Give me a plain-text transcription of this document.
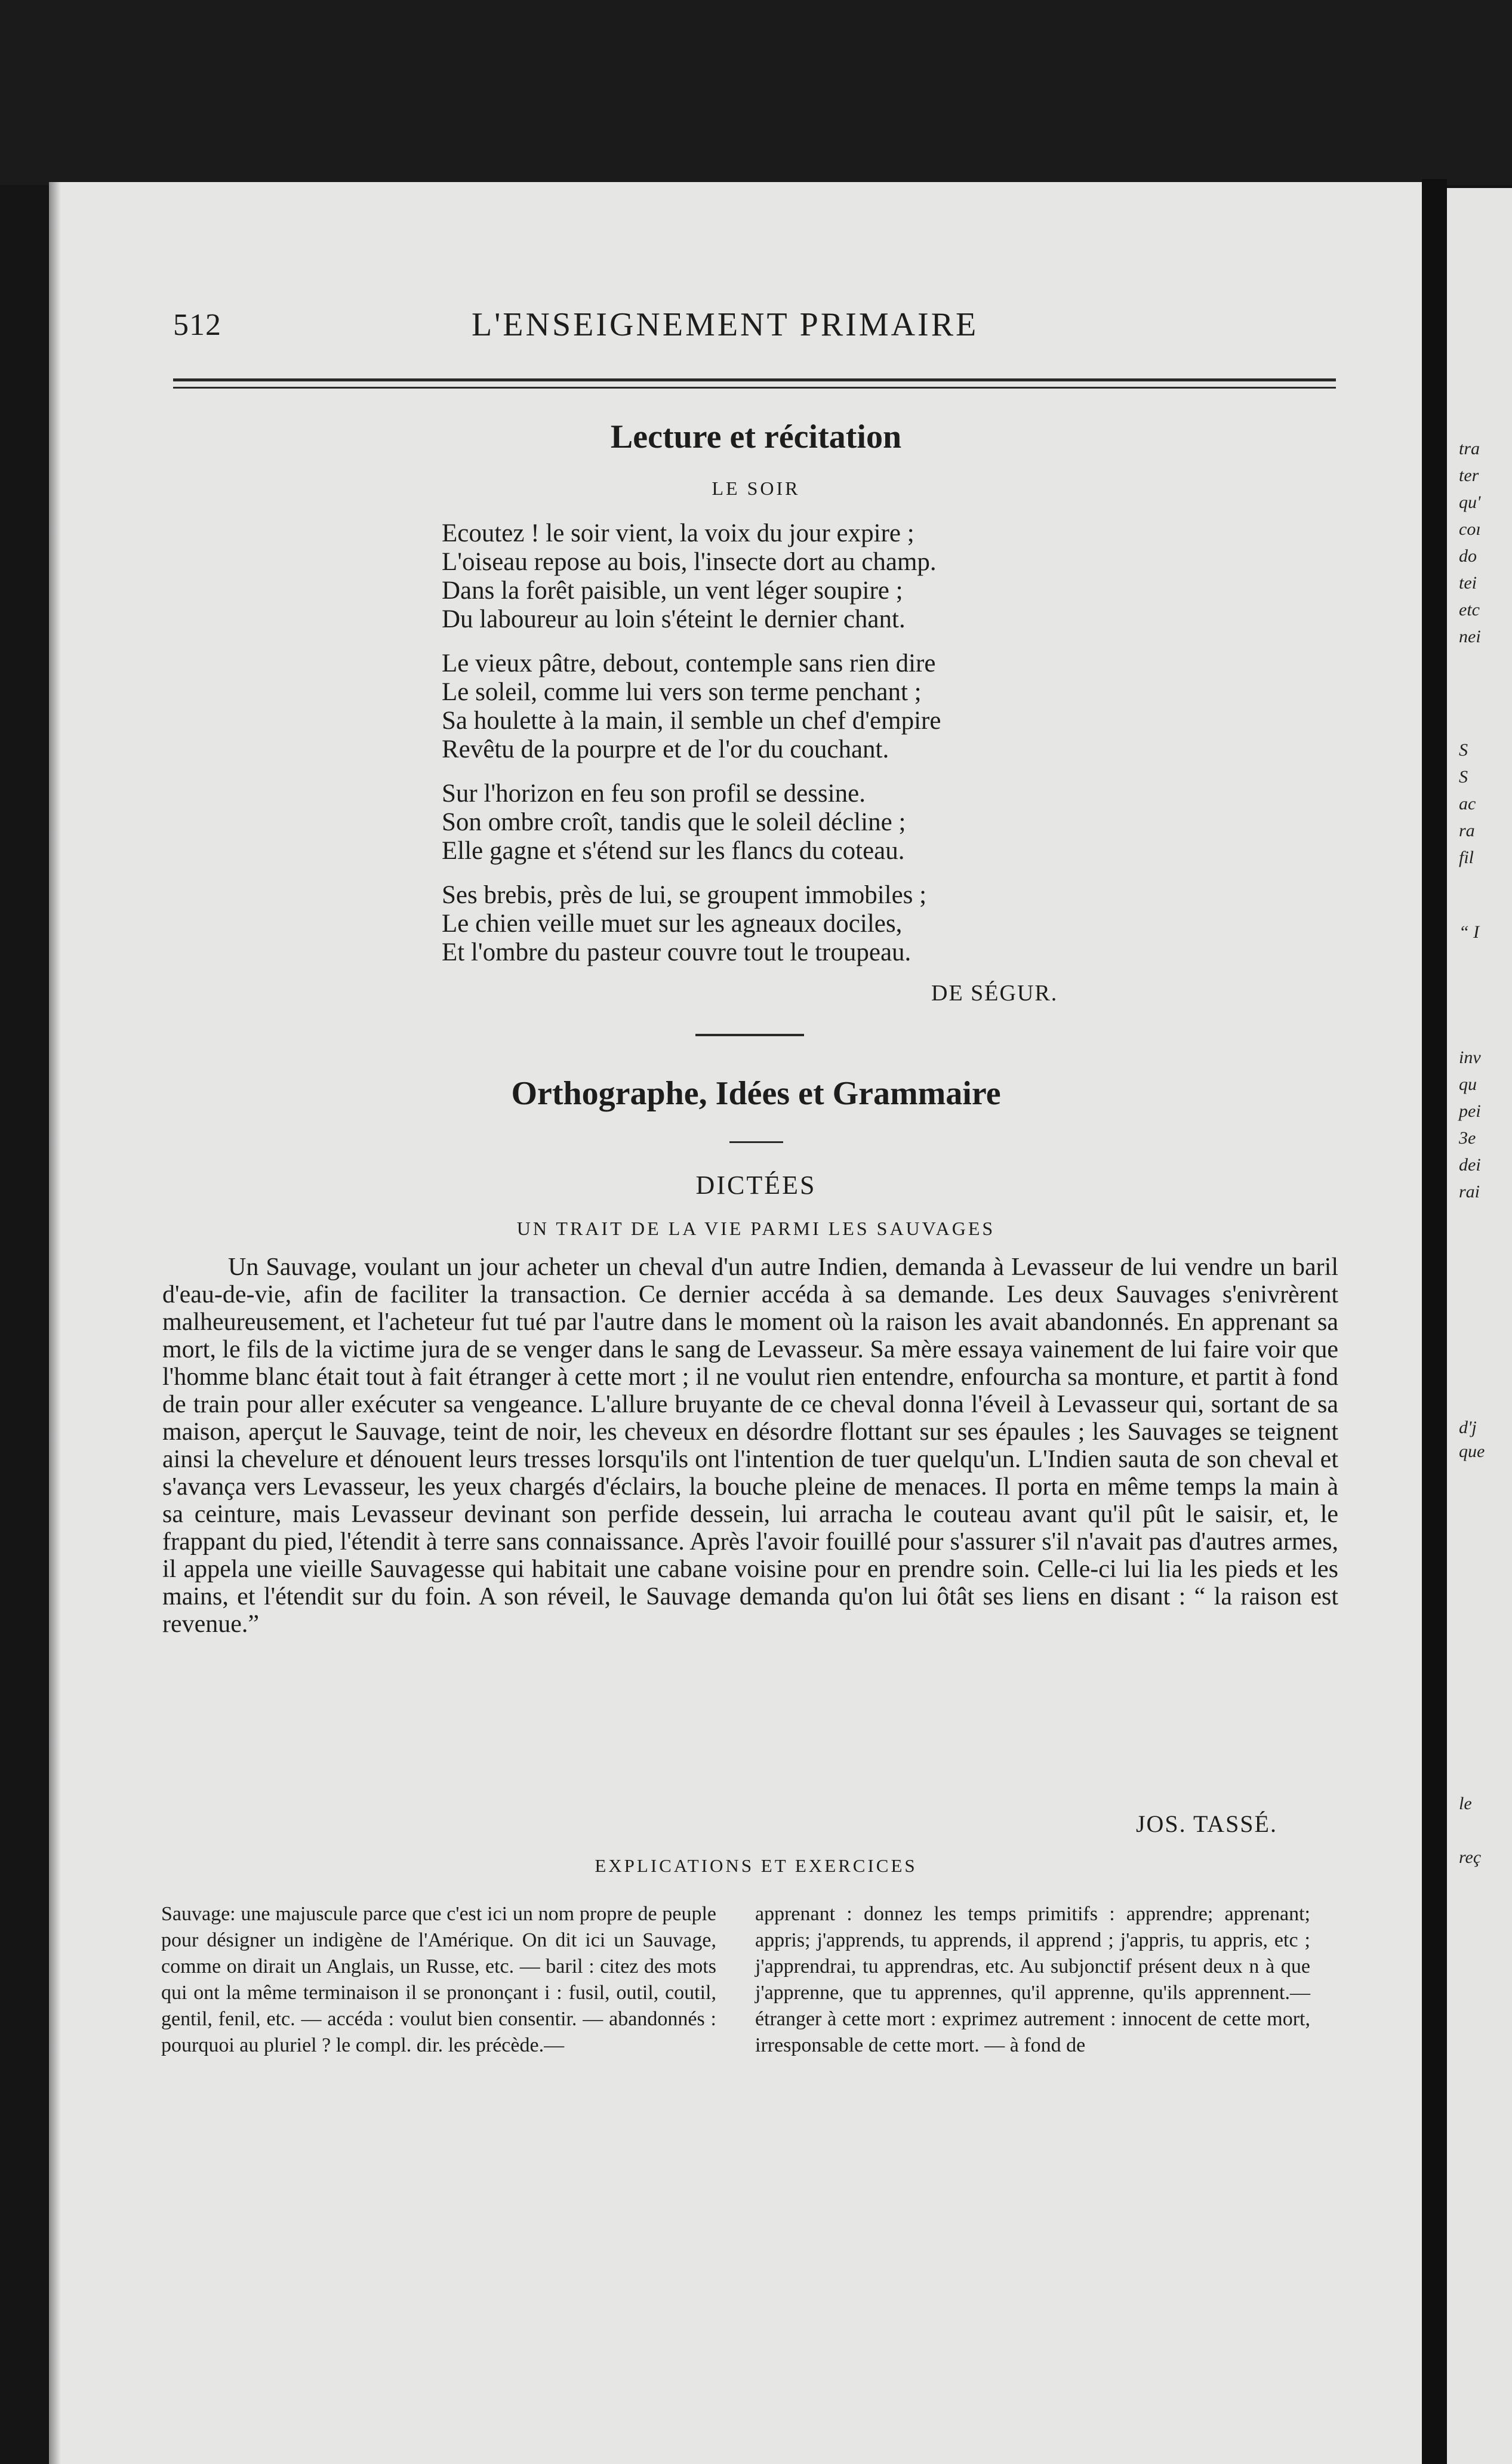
tra
ter
qu'
coı
do
tei
etc
nei
S
S
ac
ra
fil
“ I
inv
qu
pei
3e
dei
rai
d'j
que
le
reç
512	L'ENSEIGNEMENT PRIMAIRE
Lecture et récitation
LE SOIR
Ecoutez ! le soir vient, la voix du jour expire ;
L'oiseau repose au bois, l'insecte dort au champ.
Dans la forêt paisible, un vent léger soupire ;
Du laboureur au loin s'éteint le dernier chant.
Le vieux pâtre, debout, contemple sans rien dire
Le soleil, comme lui vers son terme penchant ;
Sa houlette à la main, il semble un chef d'empire
Revêtu de la pourpre et de l'or du couchant.
Sur l'horizon en feu son profil se dessine.
Son ombre croît, tandis que le soleil décline ;
Elle gagne et s'étend sur les flancs du coteau.
Ses brebis, près de lui, se groupent immobiles ;
Le chien veille muet sur les agneaux dociles,
Et l'ombre du pasteur couvre tout le troupeau.
DE SÉGUR.
Orthographe, Idées et Grammaire
DICTÉES
UN TRAIT DE LA VIE PARMI LES SAUVAGES
Un Sauvage, voulant un jour acheter un cheval d'un autre Indien, demanda à Levasseur de lui vendre un baril d'eau-de-vie, afin de faciliter la transaction. Ce dernier accéda à sa demande. Les deux Sauvages s'enivrèrent malheureusement, et l'acheteur fut tué par l'autre dans le moment où la raison les avait abandonnés. En apprenant sa mort, le fils de la victime jura de se venger dans le sang de Levasseur. Sa mère essaya vainement de lui faire voir que l'homme blanc était tout à fait étranger à cette mort ; il ne voulut rien entendre, enfourcha sa monture, et partit à fond de train pour aller exécuter sa vengeance. L'allure bruyante de ce cheval donna l'éveil à Levasseur qui, sortant de sa maison, aperçut le Sauvage, teint de noir, les cheveux en désordre flottant sur ses épaules ; les Sauvages se teignent ainsi la chevelure et dénouent leurs tresses lorsqu'ils ont l'intention de tuer quelqu'un. L'Indien sauta de son cheval et s'avança vers Levasseur, les yeux chargés d'éclairs, la bouche pleine de menaces. Il porta en même temps la main à sa ceinture, mais Levasseur devinant son perfide dessein, lui arracha le couteau avant qu'il pût le saisir, et, le frappant du pied, l'étendit à terre sans connaissance. Après l'avoir fouillé pour s'assurer s'il n'avait pas d'autres armes, il appela une vieille Sauvagesse qui habitait une cabane voisine pour en prendre soin. Celle-ci lui lia les pieds et les mains, et l'étendit sur du foin. A son réveil, le Sauvage demanda qu'on lui ôtât ses liens en disant : “ la raison est revenue.”
JOS. TASSÉ.
EXPLICATIONS ET EXERCICES
Sauvage: une majuscule parce que c'est ici un nom propre de peuple pour désigner un indigène de l'Amérique. On dit ici un Sauvage, comme on dirait un Anglais, un Russe, etc. — baril : citez des mots qui ont la même terminaison il se prononçant i : fusil, outil, coutil, gentil, fenil, etc. — accéda : voulut bien consentir. — abandonnés : pourquoi au pluriel ? le compl. dir. les précède.—
apprenant : donnez les temps primitifs : apprendre; apprenant; appris; j'apprends, tu apprends, il apprend ; j'appris, tu appris, etc ; j'apprendrai, tu apprendras, etc. Au subjonctif présent deux n à que j'apprenne, que tu apprennes, qu'il apprenne, qu'ils apprennent.— étranger à cette mort : exprimez autrement : innocent de cette mort, irresponsable de cette mort. — à fond de
